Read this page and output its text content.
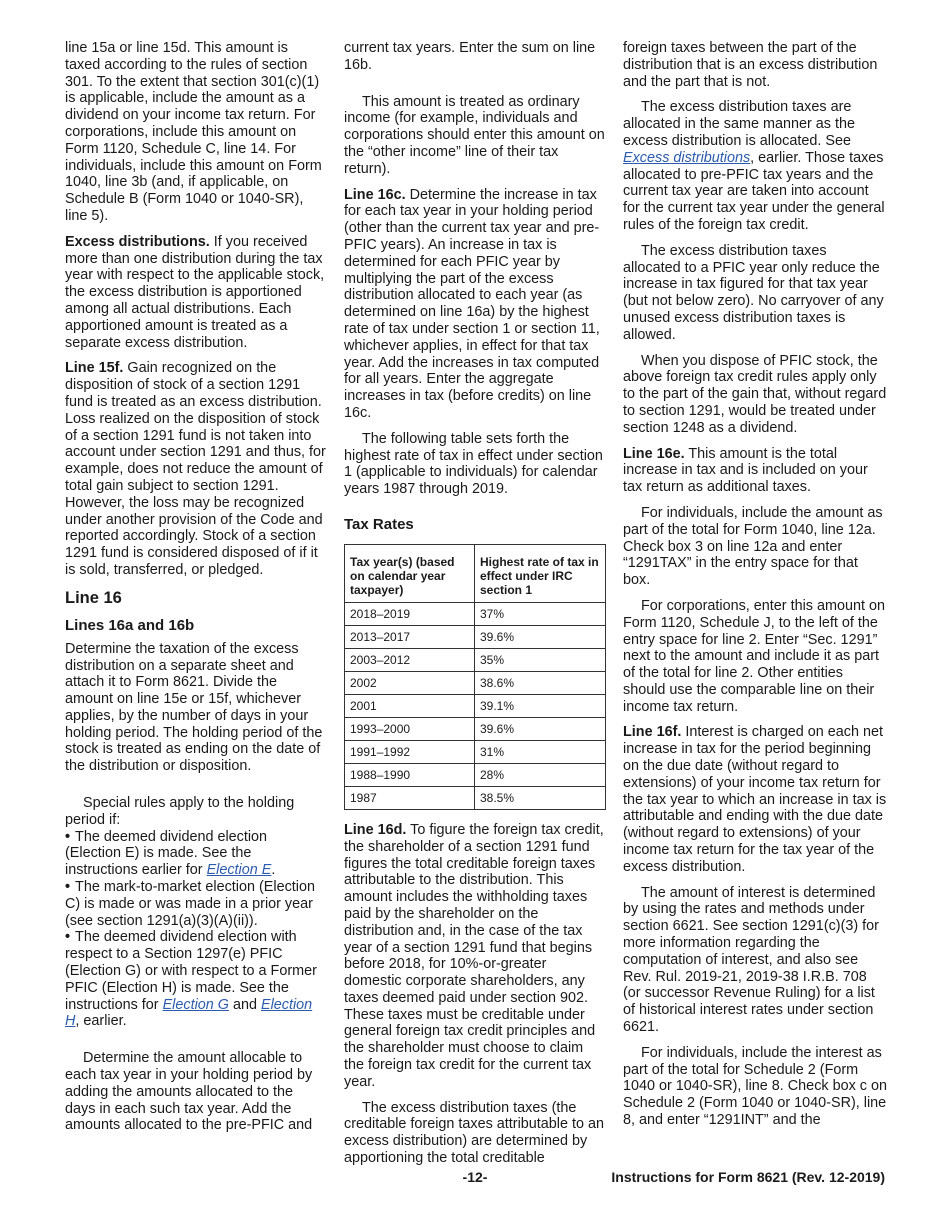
line 15a or line 15d. This amount is taxed according to the rules of section 301. To the extent that section 301(c)(1) is applicable, include the amount as a dividend on your income tax return. For corporations, include this amount on Form 1120, Schedule C, line 14. For individuals, include this amount on Form 1040, line 3b (and, if applicable, on Schedule B (Form 1040 or 1040-SR), line 5).

Excess distributions. If you received more than one distribution during the tax year with respect to the applicable stock, the excess distribution is apportioned among all actual distributions. Each apportioned amount is treated as a separate excess distribution.

Line 15f. Gain recognized on the disposition of stock of a section 1291 fund is treated as an excess distribution. Loss realized on the disposition of stock of a section 1291 fund is not taken into account under section 1291 and thus, for example, does not reduce the amount of total gain subject to section 1291. However, the loss may be recognized under another provision of the Code and reported accordingly. Stock of a section 1291 fund is considered disposed of if it is sold, transferred, or pledged.

Line 16
Lines 16a and 16b

Determine the taxation of the excess distribution on a separate sheet and attach it to Form 8621. Divide the amount on line 15e or 15f, whichever applies, by the number of days in your holding period. The holding period of the stock is treated as ending on the date of the distribution or disposition.

Special rules apply to the holding period if:

• The deemed dividend election (Election E) is made. See the instructions earlier for Election E.

• The mark-to-market election (Election C) is made or was made in a prior year (see section 1291(a)(3)(A)(ii)).

• The deemed dividend election with respect to a Section 1297(e) PFIC (Election G) or with respect to a Former PFIC (Election H) is made. See the instructions for Election G and Election H, earlier.

Determine the amount allocable to each tax year in your holding period by adding the amounts allocated to the days in each such tax year. Add the amounts allocated to the pre-PFIC and

current tax years. Enter the sum on line 16b.

This amount is treated as ordinary income (for example, individuals and corporations should enter this amount on the “other income” line of their tax return).

Line 16c. Determine the increase in tax for each tax year in your holding period (other than the current tax year and pre-PFIC years). An increase in tax is determined for each PFIC year by multiplying the part of the excess distribution allocated to each year (as determined on line 16a) by the highest rate of tax under section 1 or section 11, whichever applies, in effect for that tax year. Add the increases in tax computed for all years. Enter the aggregate increases in tax (before credits) on line 16c.

The following table sets forth the highest rate of tax in effect under section 1 (applicable to individuals) for calendar years 1987 through 2019.

Tax Rates
Tax year(s) (based on calendar year taxpayer)	Highest rate of tax in effect under IRC section 1
2018–2019	37%
2013–2017	39.6%
2003–2012	35%
2002	38.6%
2001	39.1%
1993–2000	39.6%
1991–1992	31%
1988–1990	28%
1987	38.5%

Line 16d. To figure the foreign tax credit, the shareholder of a section 1291 fund figures the total creditable foreign taxes attributable to the distribution. This amount includes the withholding taxes paid by the shareholder on the distribution and, in the case of the tax year of a section 1291 fund that begins before 2018, for 10%-or-greater domestic corporate shareholders, any taxes deemed paid under section 902. These taxes must be creditable under general foreign tax credit principles and the shareholder must choose to claim the foreign tax credit for the current tax year.

The excess distribution taxes (the creditable foreign taxes attributable to an excess distribution) are determined by apportioning the total creditable

foreign taxes between the part of the distribution that is an excess distribution and the part that is not.

The excess distribution taxes are allocated in the same manner as the excess distribution is allocated. See Excess distributions, earlier. Those taxes allocated to pre-PFIC tax years and the current tax year are taken into account for the current tax year under the general rules of the foreign tax credit.

The excess distribution taxes allocated to a PFIC year only reduce the increase in tax figured for that tax year (but not below zero). No carryover of any unused excess distribution taxes is allowed.

When you dispose of PFIC stock, the above foreign tax credit rules apply only to the part of the gain that, without regard to section 1291, would be treated under section 1248 as a dividend.

Line 16e. This amount is the total increase in tax and is included on your tax return as additional taxes.

For individuals, include the amount as part of the total for Form 1040, line 12a. Check box 3 on line 12a and enter “1291TAX” in the entry space for that box.

For corporations, enter this amount on Form 1120, Schedule J, to the left of the entry space for line 2. Enter “Sec. 1291” next to the amount and include it as part of the total for line 2. Other entities should use the comparable line on their income tax return.

Line 16f. Interest is charged on each net increase in tax for the period beginning on the due date (without regard to extensions) of your income tax return for the tax year to which an increase in tax is attributable and ending with the due date (without regard to extensions) of your income tax return for the tax year of the excess distribution.

The amount of interest is determined by using the rates and methods under section 6621. See section 1291(c)(3) for more information regarding the computation of interest, and also see Rev. Rul. 2019-21, 2019-38 I.R.B. 708 (or successor Revenue Ruling) for a list of historical interest rates under section 6621.

For individuals, include the interest as part of the total for Schedule 2 (Form 1040 or 1040-SR), line 8. Check box c on Schedule 2 (Form 1040 or 1040-SR), line 8, and enter “1291INT” and the

-12-	Instructions for Form 8621 (Rev. 12-2019)
